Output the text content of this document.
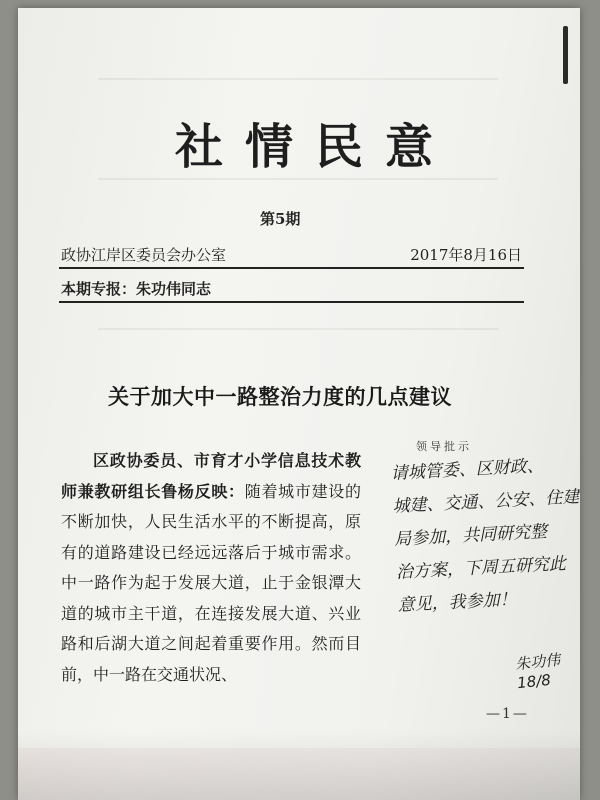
社情民意
第5期
政协江岸区委员会办公室	2017年8月16日
本期专报：朱功伟同志
关于加大中一路整治力度的几点建议
区政协委员、市育才小学信息技术教师兼教研组长鲁杨反映：随着城市建设的不断加快，人民生活水平的不断提高，原有的道路建设已经远远落后于城市需求。中一路作为起于发展大道，止于金银潭大道的城市主干道，在连接发展大道、兴业路和后湖大道之间起着重要作用。然而目前，中一路在交通状况、
领导批示
请城管委、区财政、
城建、交通、公安、住建
局参加，共同研究整
治方案，下周五研究此
意见，我参加！
朱功伟 18/8
—1—
